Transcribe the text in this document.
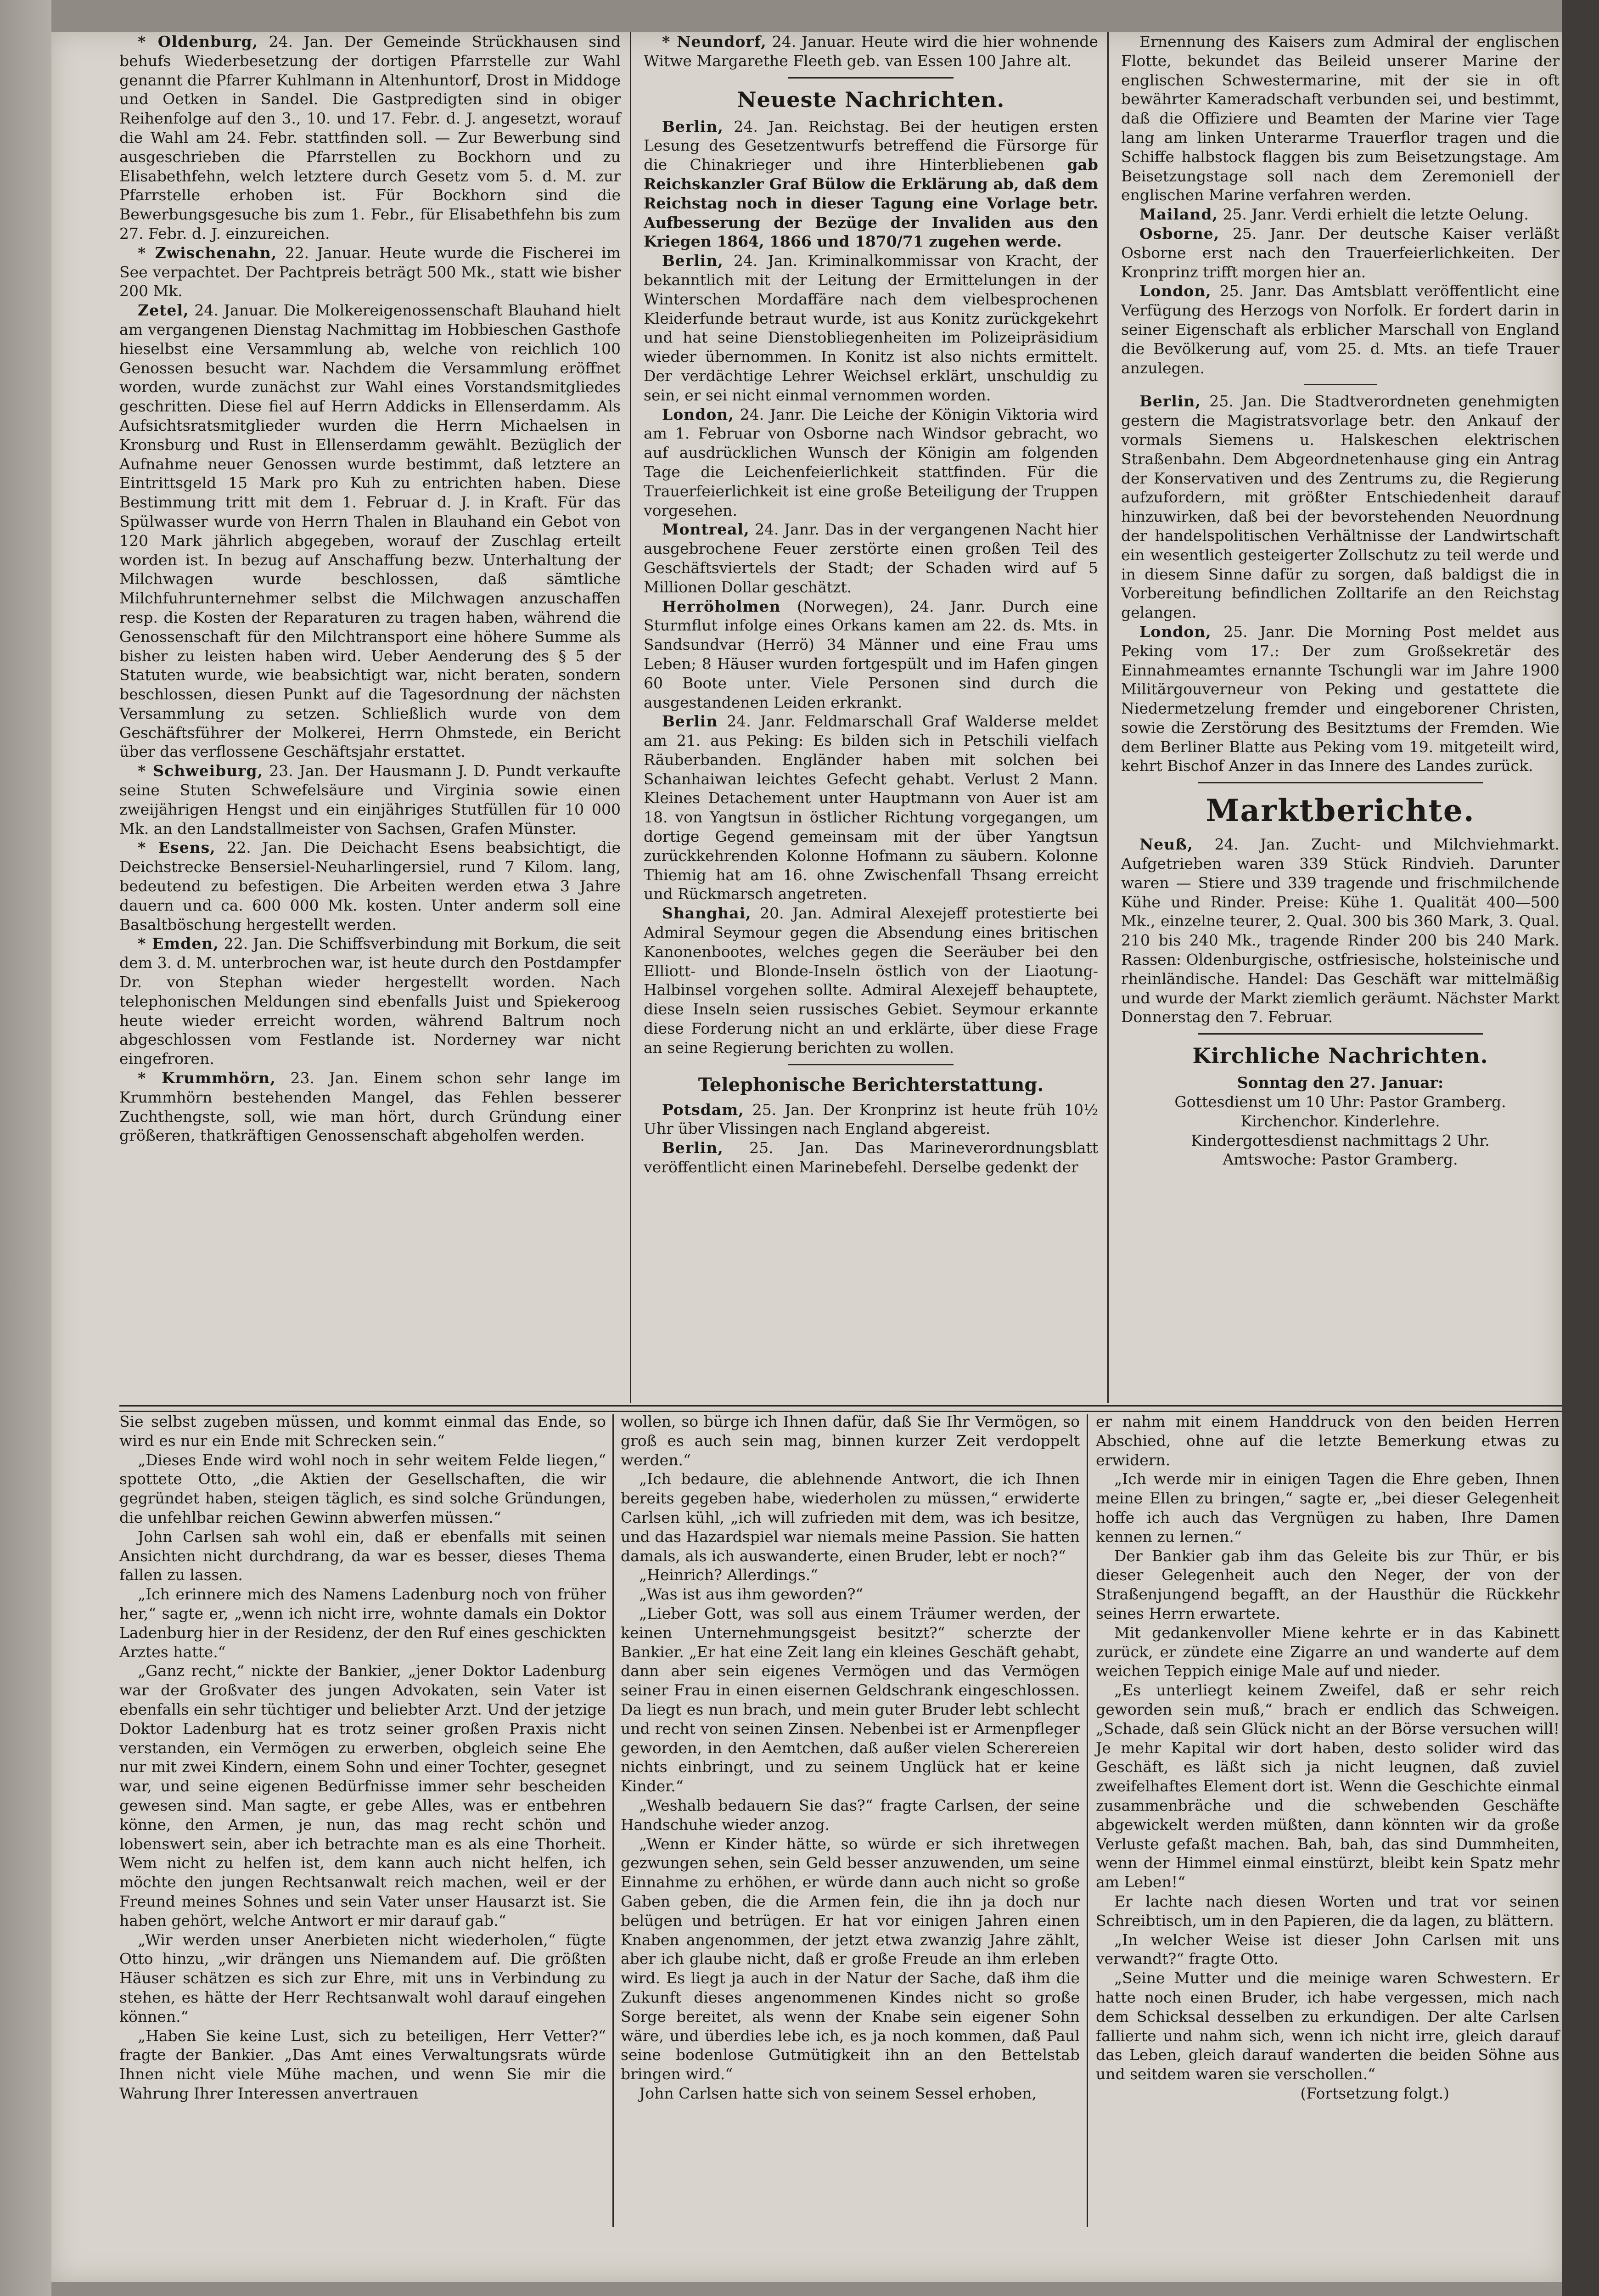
* Oldenburg, 24. Jan. Der Gemeinde Strückhausen sind behufs Wiederbesetzung der dortigen Pfarrstelle zur Wahl genannt die Pfarrer Kuhlmann in Altenhuntorf, Drost in Middoge und Oetken in Sandel. Die Gastpredigten sind in obiger Reihenfolge auf den 3., 10. und 17. Febr. d. J. angesetzt, worauf die Wahl am 24. Febr. stattfinden soll. — Zur Bewerbung sind ausgeschrieben die Pfarrstellen zu Bockhorn und zu Elisabethfehn, welch letztere durch Gesetz vom 5. d. M. zur Pfarrstelle erhoben ist. Für Bockhorn sind die Bewerbungsgesuche bis zum 1. Febr., für Elisabethfehn bis zum 27. Febr. d. J. einzureichen.

* Zwischenahn, 22. Januar. Heute wurde die Fischerei im See verpachtet. Der Pachtpreis beträgt 500 Mk., statt wie bisher 200 Mk.

Zetel, 24. Januar. Die Molkereigenossenschaft Blauhand hielt am vergangenen Dienstag Nachmittag im Hobbieschen Gasthofe hieselbst eine Versammlung ab, welche von reichlich 100 Genossen besucht war. Nachdem die Versammlung eröffnet worden, wurde zunächst zur Wahl eines Vorstandsmitgliedes geschritten. Diese fiel auf Herrn Addicks in Ellenserdamm. Als Aufsichtsratsmitglieder wurden die Herrn Michaelsen in Kronsburg und Rust in Ellenserdamm gewählt. Bezüglich der Aufnahme neuer Genossen wurde bestimmt, daß letztere an Eintrittsgeld 15 Mark pro Kuh zu entrichten haben. Diese Bestimmung tritt mit dem 1. Februar d. J. in Kraft. Für das Spülwasser wurde von Herrn Thalen in Blauhand ein Gebot von 120 Mark jährlich abgegeben, worauf der Zuschlag erteilt worden ist. In bezug auf Anschaffung bezw. Unterhaltung der Milchwagen wurde beschlossen, daß sämtliche Milchfuhrunternehmer selbst die Milchwagen anzuschaffen resp. die Kosten der Reparaturen zu tragen haben, während die Genossenschaft für den Milchtransport eine höhere Summe als bisher zu leisten haben wird. Ueber Aenderung des § 5 der Statuten wurde, wie beabsichtigt war, nicht beraten, sondern beschlossen, diesen Punkt auf die Tagesordnung der nächsten Versammlung zu setzen. Schließlich wurde von dem Geschäftsführer der Molkerei, Herrn Ohmstede, ein Bericht über das verflossene Geschäftsjahr erstattet.

* Schweiburg, 23. Jan. Der Hausmann J. D. Pundt verkaufte seine Stuten Schwefelsäure und Virginia sowie einen zweijährigen Hengst und ein einjähriges Stutfüllen für 10 000 Mk. an den Landstallmeister von Sachsen, Grafen Münster.

* Esens, 22. Jan. Die Deichacht Esens beabsichtigt, die Deichstrecke Bensersiel-Neuharlingersiel, rund 7 Kilom. lang, bedeutend zu befestigen. Die Arbeiten werden etwa 3 Jahre dauern und ca. 600 000 Mk. kosten. Unter anderm soll eine Basaltböschung hergestellt werden.

* Emden, 22. Jan. Die Schiffsverbindung mit Borkum, die seit dem 3. d. M. unterbrochen war, ist heute durch den Postdampfer Dr. von Stephan wieder hergestellt worden. Nach telephonischen Meldungen sind ebenfalls Juist und Spiekeroog heute wieder erreicht worden, während Baltrum noch abgeschlossen vom Festlande ist. Norderney war nicht eingefroren.

* Krummhörn, 23. Jan. Einem schon sehr lange im Krummhörn bestehenden Mangel, das Fehlen besserer Zuchthengste, soll, wie man hört, durch Gründung einer größeren, thatkräftigen Genossenschaft abgeholfen werden.

* Neundorf, 24. Januar. Heute wird die hier wohnende Witwe Margarethe Fleeth geb. van Essen 100 Jahre alt.

Neueste Nachrichten.

Berlin, 24. Jan. Reichstag. Bei der heutigen ersten Lesung des Gesetzentwurfs betreffend die Fürsorge für die Chinakrieger und ihre Hinterbliebenen gab Reichskanzler Graf Bülow die Erklärung ab, daß dem Reichstag noch in dieser Tagung eine Vorlage betr. Aufbesserung der Bezüge der Invaliden aus den Kriegen 1864, 1866 und 1870/71 zugehen werde.

Berlin, 24. Jan. Kriminalkommissar von Kracht, der bekanntlich mit der Leitung der Ermittelungen in der Winterschen Mordaffäre nach dem vielbesprochenen Kleiderfunde betraut wurde, ist aus Konitz zurückgekehrt und hat seine Dienstobliegenheiten im Polizeipräsidium wieder übernommen. In Konitz ist also nichts ermittelt. Der verdächtige Lehrer Weichsel erklärt, unschuldig zu sein, er sei nicht einmal vernommen worden.

London, 24. Janr. Die Leiche der Königin Viktoria wird am 1. Februar von Osborne nach Windsor gebracht, wo auf ausdrücklichen Wunsch der Königin am folgenden Tage die Leichenfeierlichkeit stattfinden. Für die Trauerfeierlichkeit ist eine große Beteiligung der Truppen vorgesehen.

Montreal, 24. Janr. Das in der vergangenen Nacht hier ausgebrochene Feuer zerstörte einen großen Teil des Geschäftsviertels der Stadt; der Schaden wird auf 5 Millionen Dollar geschätzt.

Herröholmen (Norwegen), 24. Janr. Durch eine Sturmflut infolge eines Orkans kamen am 22. ds. Mts. in Sandsundvar (Herrö) 34 Männer und eine Frau ums Leben; 8 Häuser wurden fortgespült und im Hafen gingen 60 Boote unter. Viele Personen sind durch die ausgestandenen Leiden erkrankt.

Berlin 24. Janr. Feldmarschall Graf Walderse meldet am 21. aus Peking: Es bilden sich in Petschili vielfach Räuberbanden. Engländer haben mit solchen bei Schanhaiwan leichtes Gefecht gehabt. Verlust 2 Mann. Kleines Detachement unter Hauptmann von Auer ist am 18. von Yangtsun in östlicher Richtung vorgegangen, um dortige Gegend gemeinsam mit der über Yangtsun zurückkehrenden Kolonne Hofmann zu säubern. Kolonne Thiemig hat am 16. ohne Zwischenfall Thsang erreicht und Rückmarsch angetreten.

Shanghai, 20. Jan. Admiral Alexejeff protestierte bei Admiral Seymour gegen die Absendung eines britischen Kanonenbootes, welches gegen die Seeräuber bei den Elliott- und Blonde-Inseln östlich von der Liaotung-Halbinsel vorgehen sollte. Admiral Alexejeff behauptete, diese Inseln seien russisches Gebiet. Seymour erkannte diese Forderung nicht an und erklärte, über diese Frage an seine Regierung berichten zu wollen.

Telephonische Berichterstattung.

Potsdam, 25. Jan. Der Kronprinz ist heute früh 10½ Uhr über Vlissingen nach England abgereist.

Berlin, 25. Jan. Das Marineverordnungsblatt veröffentlicht einen Marinebefehl. Derselbe gedenkt der

Ernennung des Kaisers zum Admiral der englischen Flotte, bekundet das Beileid unserer Marine der englischen Schwestermarine, mit der sie in oft bewährter Kameradschaft verbunden sei, und bestimmt, daß die Offiziere und Beamten der Marine vier Tage lang am linken Unterarme Trauerflor tragen und die Schiffe halbstock flaggen bis zum Beisetzungstage. Am Beisetzungstage soll nach dem Zeremoniell der englischen Marine verfahren werden.

Mailand, 25. Janr. Verdi erhielt die letzte Oelung.

Osborne, 25. Janr. Der deutsche Kaiser verläßt Osborne erst nach den Trauerfeierlichkeiten. Der Kronprinz trifft morgen hier an.

London, 25. Janr. Das Amtsblatt veröffentlicht eine Verfügung des Herzogs von Norfolk. Er fordert darin in seiner Eigenschaft als erblicher Marschall von England die Bevölkerung auf, vom 25. d. Mts. an tiefe Trauer anzulegen.

Berlin, 25. Jan. Die Stadtverordneten genehmigten gestern die Magistratsvorlage betr. den Ankauf der vormals Siemens u. Halskeschen elektrischen Straßenbahn. Dem Abgeordnetenhause ging ein Antrag der Konservativen und des Zentrums zu, die Regierung aufzufordern, mit größter Entschiedenheit darauf hinzuwirken, daß bei der bevorstehenden Neuordnung der handelspolitischen Verhältnisse der Landwirtschaft ein wesentlich gesteigerter Zollschutz zu teil werde und in diesem Sinne dafür zu sorgen, daß baldigst die in Vorbereitung befindlichen Zolltarife an den Reichstag gelangen.

London, 25. Janr. Die Morning Post meldet aus Peking vom 17.: Der zum Großsekretär des Einnahmeamtes ernannte Tschungli war im Jahre 1900 Militärgouverneur von Peking und gestattete die Niedermetzelung fremder und eingeborener Christen, sowie die Zerstörung des Besitztums der Fremden. Wie dem Berliner Blatte aus Peking vom 19. mitgeteilt wird, kehrt Bischof Anzer in das Innere des Landes zurück.

Marktberichte.

Neuß, 24. Jan. Zucht- und Milchviehmarkt. Aufgetrieben waren 339 Stück Rindvieh. Darunter waren — Stiere und 339 tragende und frischmilchende Kühe und Rinder. Preise: Kühe 1. Qualität 400—500 Mk., einzelne teurer, 2. Qual. 300 bis 360 Mark, 3. Qual. 210 bis 240 Mk., tragende Rinder 200 bis 240 Mark. Rassen: Oldenburgische, ostfriesische, holsteinische und rheinländische. Handel: Das Geschäft war mittelmäßig und wurde der Markt ziemlich geräumt. Nächster Markt Donnerstag den 7. Februar.

Kirchliche Nachrichten.
Sonntag den 27. Januar:
Gottesdienst um 10 Uhr: Pastor Gramberg.
Kirchenchor. Kinderlehre.
Kindergottesdienst nachmittags 2 Uhr.
Amtswoche: Pastor Gramberg.

Sie selbst zugeben müssen, und kommt einmal das Ende, so wird es nur ein Ende mit Schrecken sein.“

„Dieses Ende wird wohl noch in sehr weitem Felde liegen,“ spottete Otto, „die Aktien der Gesellschaften, die wir gegründet haben, steigen täglich, es sind solche Gründungen, die unfehlbar reichen Gewinn abwerfen müssen.“

John Carlsen sah wohl ein, daß er ebenfalls mit seinen Ansichten nicht durchdrang, da war es besser, dieses Thema fallen zu lassen.

„Ich erinnere mich des Namens Ladenburg noch von früher her,“ sagte er, „wenn ich nicht irre, wohnte damals ein Doktor Ladenburg hier in der Residenz, der den Ruf eines geschickten Arztes hatte.“

„Ganz recht,“ nickte der Bankier, „jener Doktor Ladenburg war der Großvater des jungen Advokaten, sein Vater ist ebenfalls ein sehr tüchtiger und beliebter Arzt. Und der jetzige Doktor Ladenburg hat es trotz seiner großen Praxis nicht verstanden, ein Vermögen zu erwerben, obgleich seine Ehe nur mit zwei Kindern, einem Sohn und einer Tochter, gesegnet war, und seine eigenen Bedürfnisse immer sehr bescheiden gewesen sind. Man sagte, er gebe Alles, was er entbehren könne, den Armen, je nun, das mag recht schön und lobenswert sein, aber ich betrachte man es als eine Thorheit. Wem nicht zu helfen ist, dem kann auch nicht helfen, ich möchte den jungen Rechtsanwalt reich machen, weil er der Freund meines Sohnes und sein Vater unser Hausarzt ist. Sie haben gehört, welche Antwort er mir darauf gab.“

„Wir werden unser Anerbieten nicht wiederholen,“ fügte Otto hinzu, „wir drängen uns Niemandem auf. Die größten Häuser schätzen es sich zur Ehre, mit uns in Verbindung zu stehen, es hätte der Herr Rechtsanwalt wohl darauf eingehen können.“

„Haben Sie keine Lust, sich zu beteiligen, Herr Vetter?“ fragte der Bankier. „Das Amt eines Verwaltungsrats würde Ihnen nicht viele Mühe machen, und wenn Sie mir die Wahrung Ihrer Interessen anvertrauen

wollen, so bürge ich Ihnen dafür, daß Sie Ihr Vermögen, so groß es auch sein mag, binnen kurzer Zeit verdoppelt werden.“

„Ich bedaure, die ablehnende Antwort, die ich Ihnen bereits gegeben habe, wiederholen zu müssen,“ erwiderte Carlsen kühl, „ich will zufrieden mit dem, was ich besitze, und das Hazardspiel war niemals meine Passion. Sie hatten damals, als ich auswanderte, einen Bruder, lebt er noch?“

„Heinrich? Allerdings.“

„Was ist aus ihm geworden?“

„Lieber Gott, was soll aus einem Träumer werden, der keinen Unternehmungsgeist besitzt?“ scherzte der Bankier. „Er hat eine Zeit lang ein kleines Geschäft gehabt, dann aber sein eigenes Vermögen und das Vermögen seiner Frau in einen eisernen Geldschrank eingeschlossen. Da liegt es nun brach, und mein guter Bruder lebt schlecht und recht von seinen Zinsen. Nebenbei ist er Armenpfleger geworden, in den Aemtchen, daß außer vielen Scherereien nichts einbringt, und zu seinem Unglück hat er keine Kinder.“

„Weshalb bedauern Sie das?“ fragte Carlsen, der seine Handschuhe wieder anzog.

„Wenn er Kinder hätte, so würde er sich ihretwegen gezwungen sehen, sein Geld besser anzuwenden, um seine Einnahme zu erhöhen, er würde dann auch nicht so große Gaben geben, die die Armen fein, die ihn ja doch nur belügen und betrügen. Er hat vor einigen Jahren einen Knaben angenommen, der jetzt etwa zwanzig Jahre zählt, aber ich glaube nicht, daß er große Freude an ihm erleben wird. Es liegt ja auch in der Natur der Sache, daß ihm die Zukunft dieses angenommenen Kindes nicht so große Sorge bereitet, als wenn der Knabe sein eigener Sohn wäre, und überdies lebe ich, es ja noch kommen, daß Paul seine bodenlose Gutmütigkeit ihn an den Bettelstab bringen wird.“

John Carlsen hatte sich von seinem Sessel erhoben,

er nahm mit einem Handdruck von den beiden Herren Abschied, ohne auf die letzte Bemerkung etwas zu erwidern.

„Ich werde mir in einigen Tagen die Ehre geben, Ihnen meine Ellen zu bringen,“ sagte er, „bei dieser Gelegenheit hoffe ich auch das Vergnügen zu haben, Ihre Damen kennen zu lernen.“

Der Bankier gab ihm das Geleite bis zur Thür, er bis dieser Gelegenheit auch den Neger, der von der Straßenjungend begafft, an der Hausthür die Rückkehr seines Herrn erwartete.

Mit gedankenvoller Miene kehrte er in das Kabinett zurück, er zündete eine Zigarre an und wanderte auf dem weichen Teppich einige Male auf und nieder.

„Es unterliegt keinem Zweifel, daß er sehr reich geworden sein muß,“ brach er endlich das Schweigen. „Schade, daß sein Glück nicht an der Börse versuchen will! Je mehr Kapital wir dort haben, desto solider wird das Geschäft, es läßt sich ja nicht leugnen, daß zuviel zweifelhaftes Element dort ist. Wenn die Geschichte einmal zusammenbräche und die schwebenden Geschäfte abgewickelt werden müßten, dann könnten wir da große Verluste gefaßt machen. Bah, bah, das sind Dummheiten, wenn der Himmel einmal einstürzt, bleibt kein Spatz mehr am Leben!“

Er lachte nach diesen Worten und trat vor seinen Schreibtisch, um in den Papieren, die da lagen, zu blättern.

„In welcher Weise ist dieser John Carlsen mit uns verwandt?“ fragte Otto.

„Seine Mutter und die meinige waren Schwestern. Er hatte noch einen Bruder, ich habe vergessen, mich nach dem Schicksal desselben zu erkundigen. Der alte Carlsen fallierte und nahm sich, wenn ich nicht irre, gleich darauf das Leben, gleich darauf wanderten die beiden Söhne aus und seitdem waren sie verschollen.“

(Fortsetzung folgt.)
